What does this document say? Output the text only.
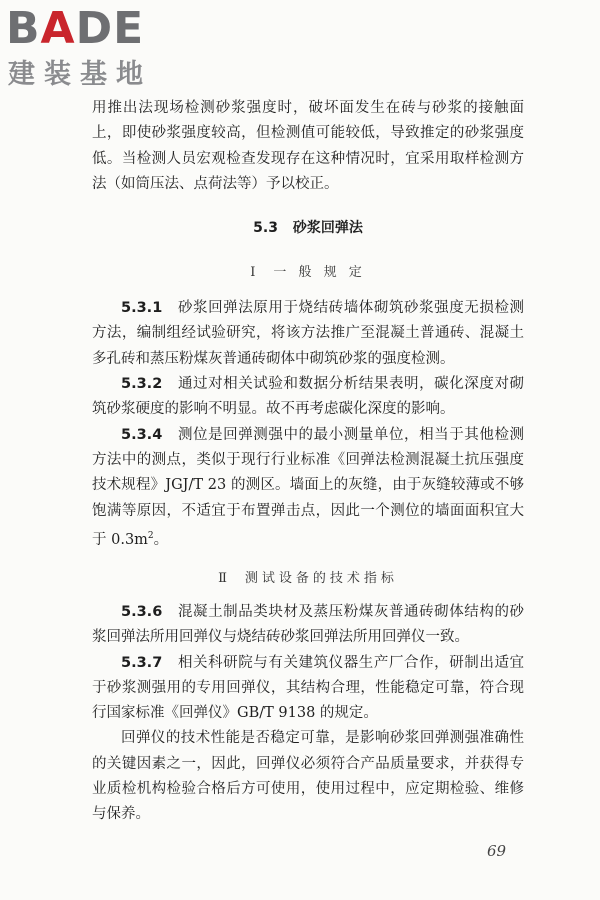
BADE
建装基地

用推出法现场检测砂浆强度时，破坏面发生在砖与砂浆的接触面上，即使砂浆强度较高，但检测值可能较低，导致推定的砂浆强度低。当检测人员宏观检查发现存在这种情况时，宜采用取样检测方法（如筒压法、点荷法等）予以校正。

5.3 砂浆回弹法
Ⅰ 一 般 规 定

5.3.1　 砂浆回弹法原用于烧结砖墙体砌筑砂浆强度无损检测方法，编制组经试验研究，将该方法推广至混凝土普通砖、混凝土多孔砖和蒸压粉煤灰普通砖砌体中砌筑砂浆的强度检测。

5.3.2　 通过对相关试验和数据分析结果表明，碳化深度对砌筑砂浆硬度的影响不明显。故不再考虑碳化深度的影响。

5.3.4　 测位是回弹测强中的最小测量单位，相当于其他检测方法中的测点，类似于现行行业标准《回弹法检测混凝土抗压强度技术规程》JGJ/T 23 的测区。墙面上的灰缝，由于灰缝较薄或不够饱满等原因，不适宜于布置弹击点，因此一个测位的墙面面积宜大于 $0.3m^2$。

Ⅱ 测试设备的技术指标

5.3.6　 混凝土制品类块材及蒸压粉煤灰普通砖砌体结构的砂浆回弹法所用回弹仪与烧结砖砂浆回弹法所用回弹仪一致。

5.3.7　 相关科研院与有关建筑仪器生产厂合作，研制出适宜于砂浆测强用的专用回弹仪，其结构合理，性能稳定可靠，符合现行国家标准《回弹仪》GB/T 9138 的规定。

回弹仪的技术性能是否稳定可靠，是影响砂浆回弹测强准确性的关键因素之一，因此，回弹仪必须符合产品质量要求，并获得专业质检机构检验合格后方可使用，使用过程中，应定期检验、维修与保养。

69
